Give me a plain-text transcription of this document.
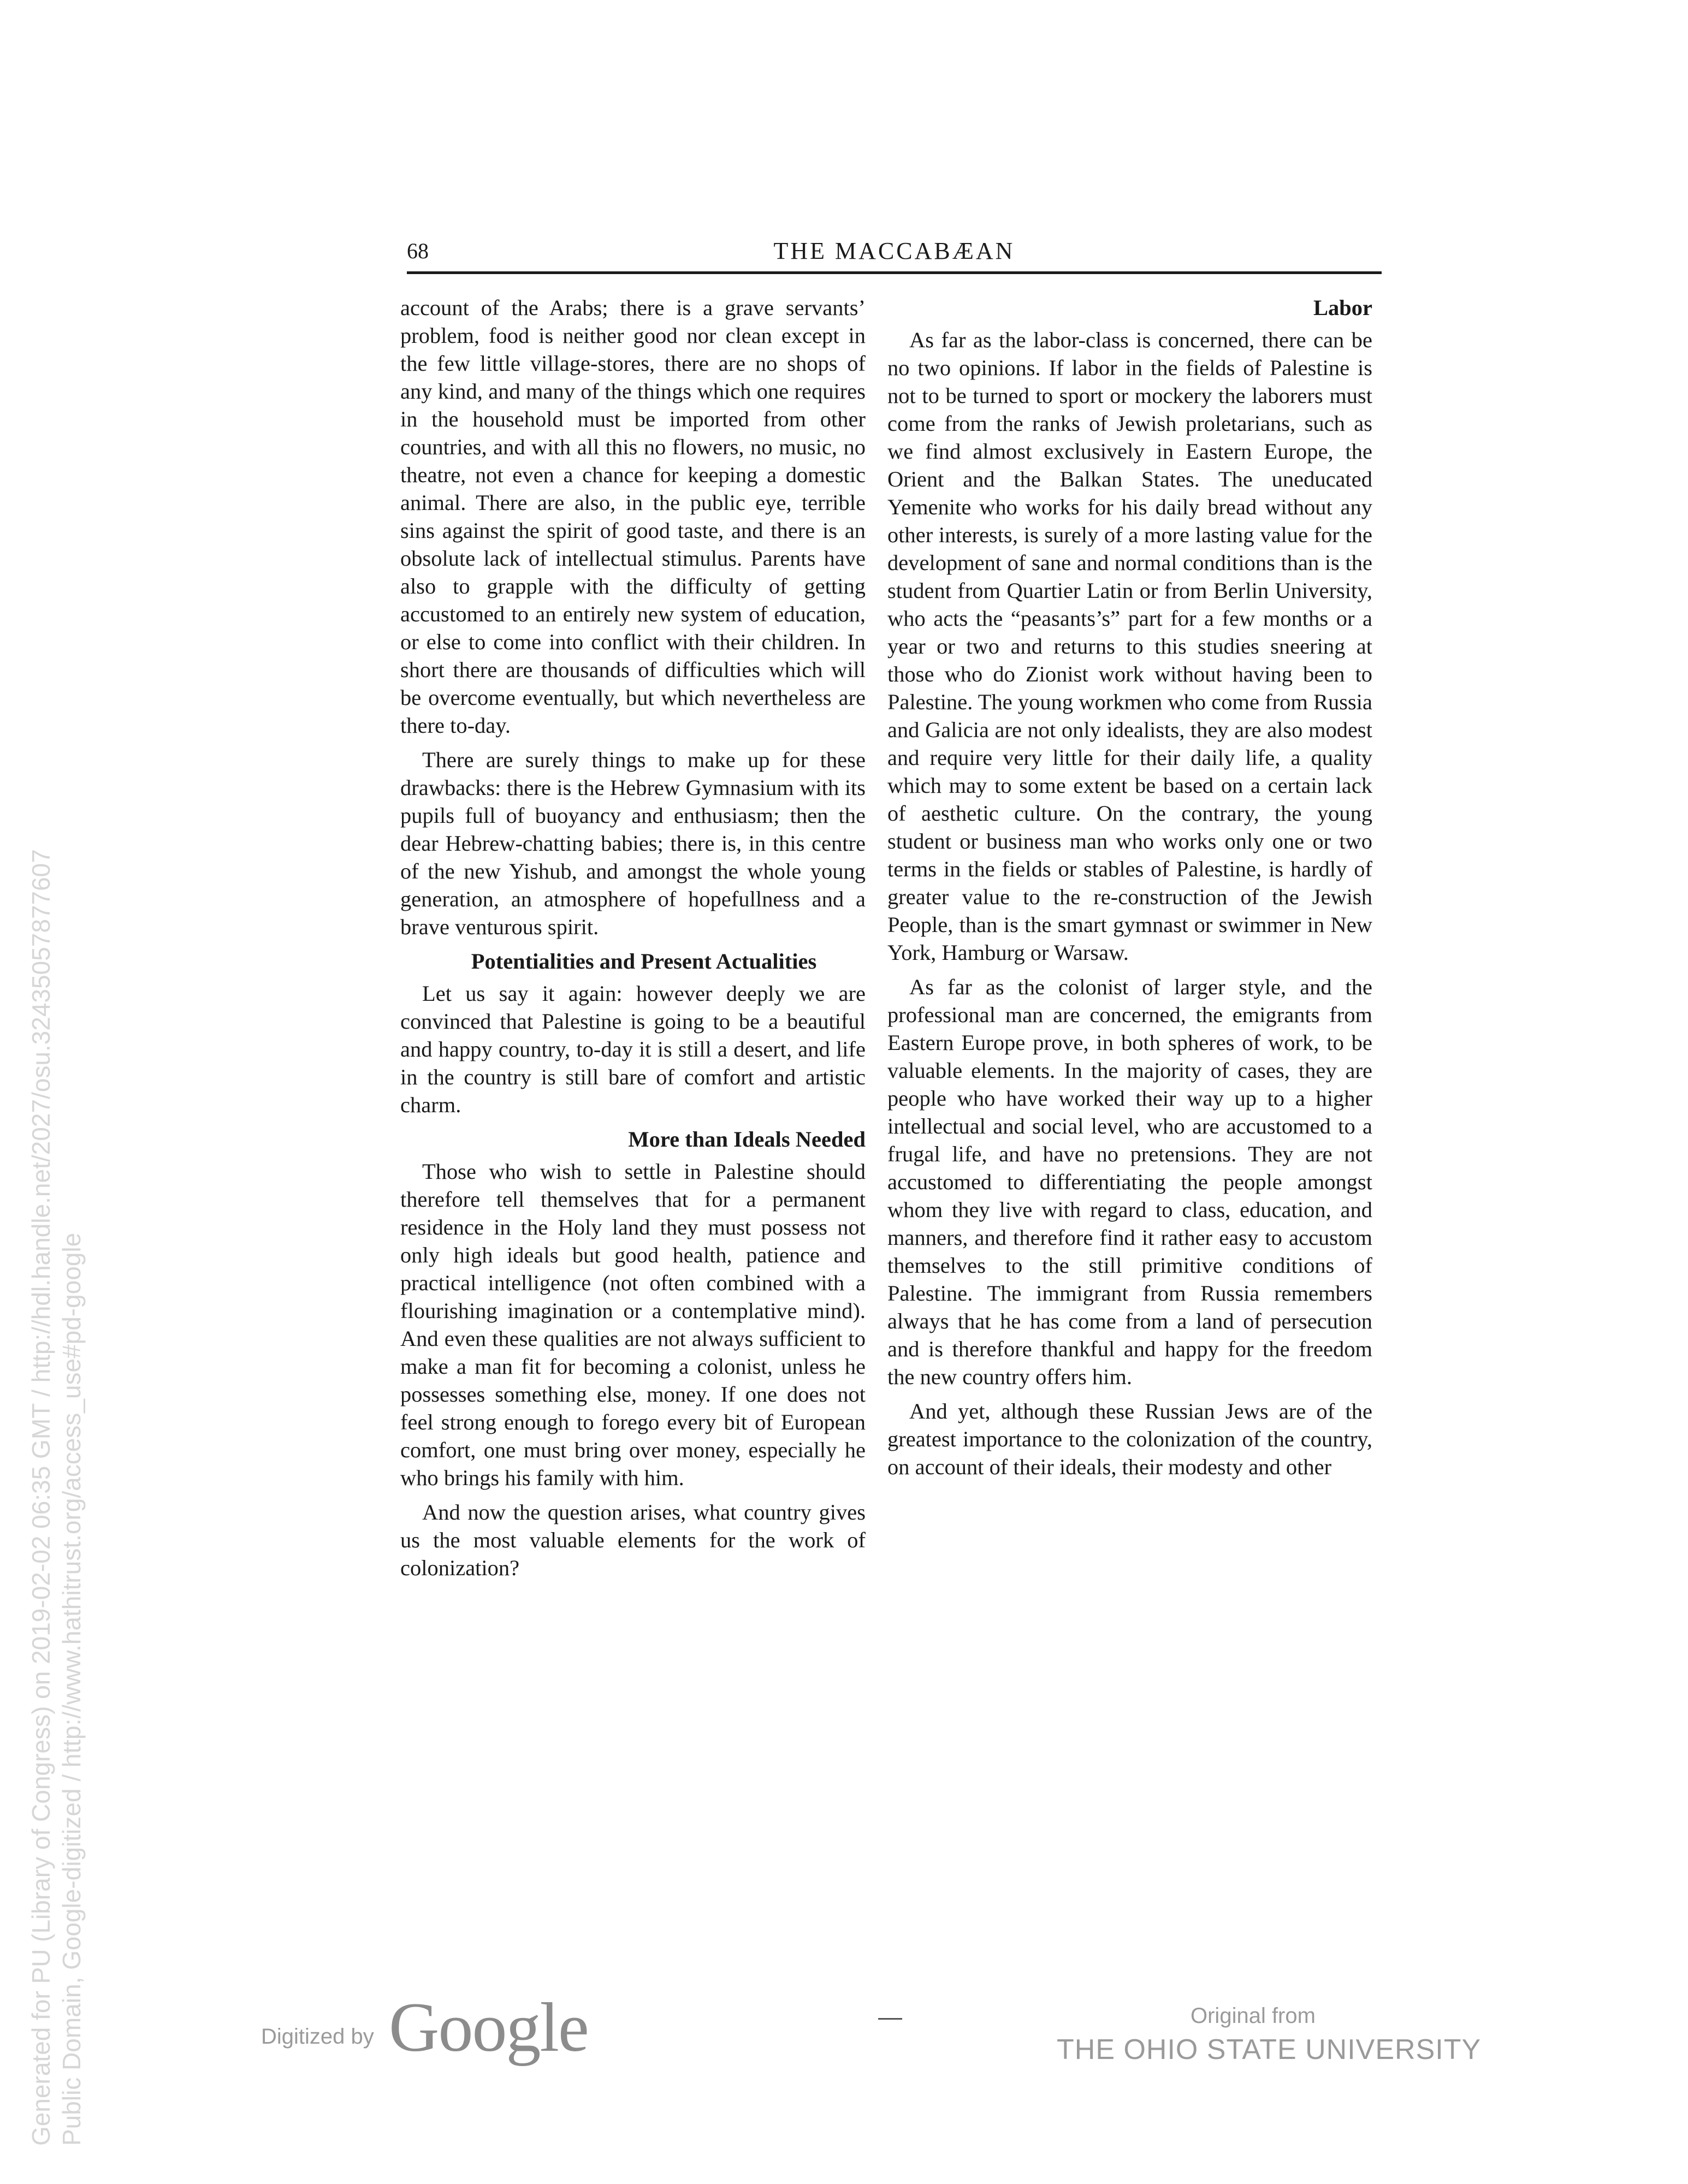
Generated for PU (Library of Congress) on 2019-02-02 06:35 GMT / http://hdl.handle.net/2027/osu.32435057877607 Public Domain, Google-digitized / http://www.hathitrust.org/access_use#pd-google
68	THE MACCABÆAN

account of the Arabs; there is a grave servants’ problem, food is neither good nor clean except in the few little village-stores, there are no shops of any kind, and many of the things which one requires in the household must be imported from other countries, and with all this no flowers, no music, no theatre, not even a chance for keeping a domestic animal. There are also, in the public eye, terrible sins against the spirit of good taste, and there is an obsolute lack of intellectual stimulus. Parents have also to grapple with the difficulty of getting accustomed to an entirely new system of education, or else to come into conflict with their children. In short there are thousands of difficulties which will be overcome eventually, but which nevertheless are there to-day.

There are surely things to make up for these drawbacks: there is the Hebrew Gymnasium with its pupils full of buoyancy and enthusiasm; then the dear Hebrew-chatting babies; there is, in this centre of the new Yishub, and amongst the whole young generation, an atmosphere of hopefullness and a brave venturous spirit.

Potentialities and Present Actualities

Let us say it again: however deeply we are convinced that Palestine is going to be a beautiful and happy country, to-day it is still a desert, and life in the country is still bare of comfort and artistic charm.

More than Ideals Needed

Those who wish to settle in Palestine should therefore tell themselves that for a permanent residence in the Holy land they must possess not only high ideals but good health, patience and practical intelligence (not often combined with a flourishing imagination or a contemplative mind). And even these qualities are not always sufficient to make a man fit for becoming a colonist, unless he possesses something else, money. If one does not feel strong enough to forego every bit of European comfort, one must bring over money, especially he who brings his family with him.

And now the question arises, what country gives us the most valuable elements for the work of colonization?

Labor

As far as the labor-class is concerned, there can be no two opinions. If labor in the fields of Palestine is not to be turned to sport or mockery the laborers must come from the ranks of Jewish proletarians, such as we find almost exclusively in Eastern Europe, the Orient and the Balkan States. The uneducated Yemenite who works for his daily bread without any other interests, is surely of a more lasting value for the development of sane and normal conditions than is the student from Quartier Latin or from Berlin University, who acts the “peasants’s” part for a few months or a year or two and returns to this studies sneering at those who do Zionist work without having been to Palestine. The young workmen who come from Russia and Galicia are not only idealists, they are also modest and require very little for their daily life, a quality which may to some extent be based on a certain lack of aesthetic culture. On the contrary, the young student or business man who works only one or two terms in the fields or stables of Palestine, is hardly of greater value to the re-construction of the Jewish People, than is the smart gymnast or swimmer in New York, Hamburg or Warsaw.

As far as the colonist of larger style, and the professional man are concerned, the emigrants from Eastern Europe prove, in both spheres of work, to be valuable elements. In the majority of cases, they are people who have worked their way up to a higher intellectual and social level, who are accustomed to a frugal life, and have no pretensions. They are not accustomed to differentiating the people amongst whom they live with regard to class, education, and manners, and therefore find it rather easy to accustom themselves to the still primitive conditions of Palestine. The immigrant from Russia remembers always that he has come from a land of persecution and is therefore thankful and happy for the freedom the new country offers him.

And yet, although these Russian Jews are of the greatest importance to the colonization of the country, on account of their ideals, their modesty and other

Digitized by Google	Original from
THE OHIO STATE UNIVERSITY
